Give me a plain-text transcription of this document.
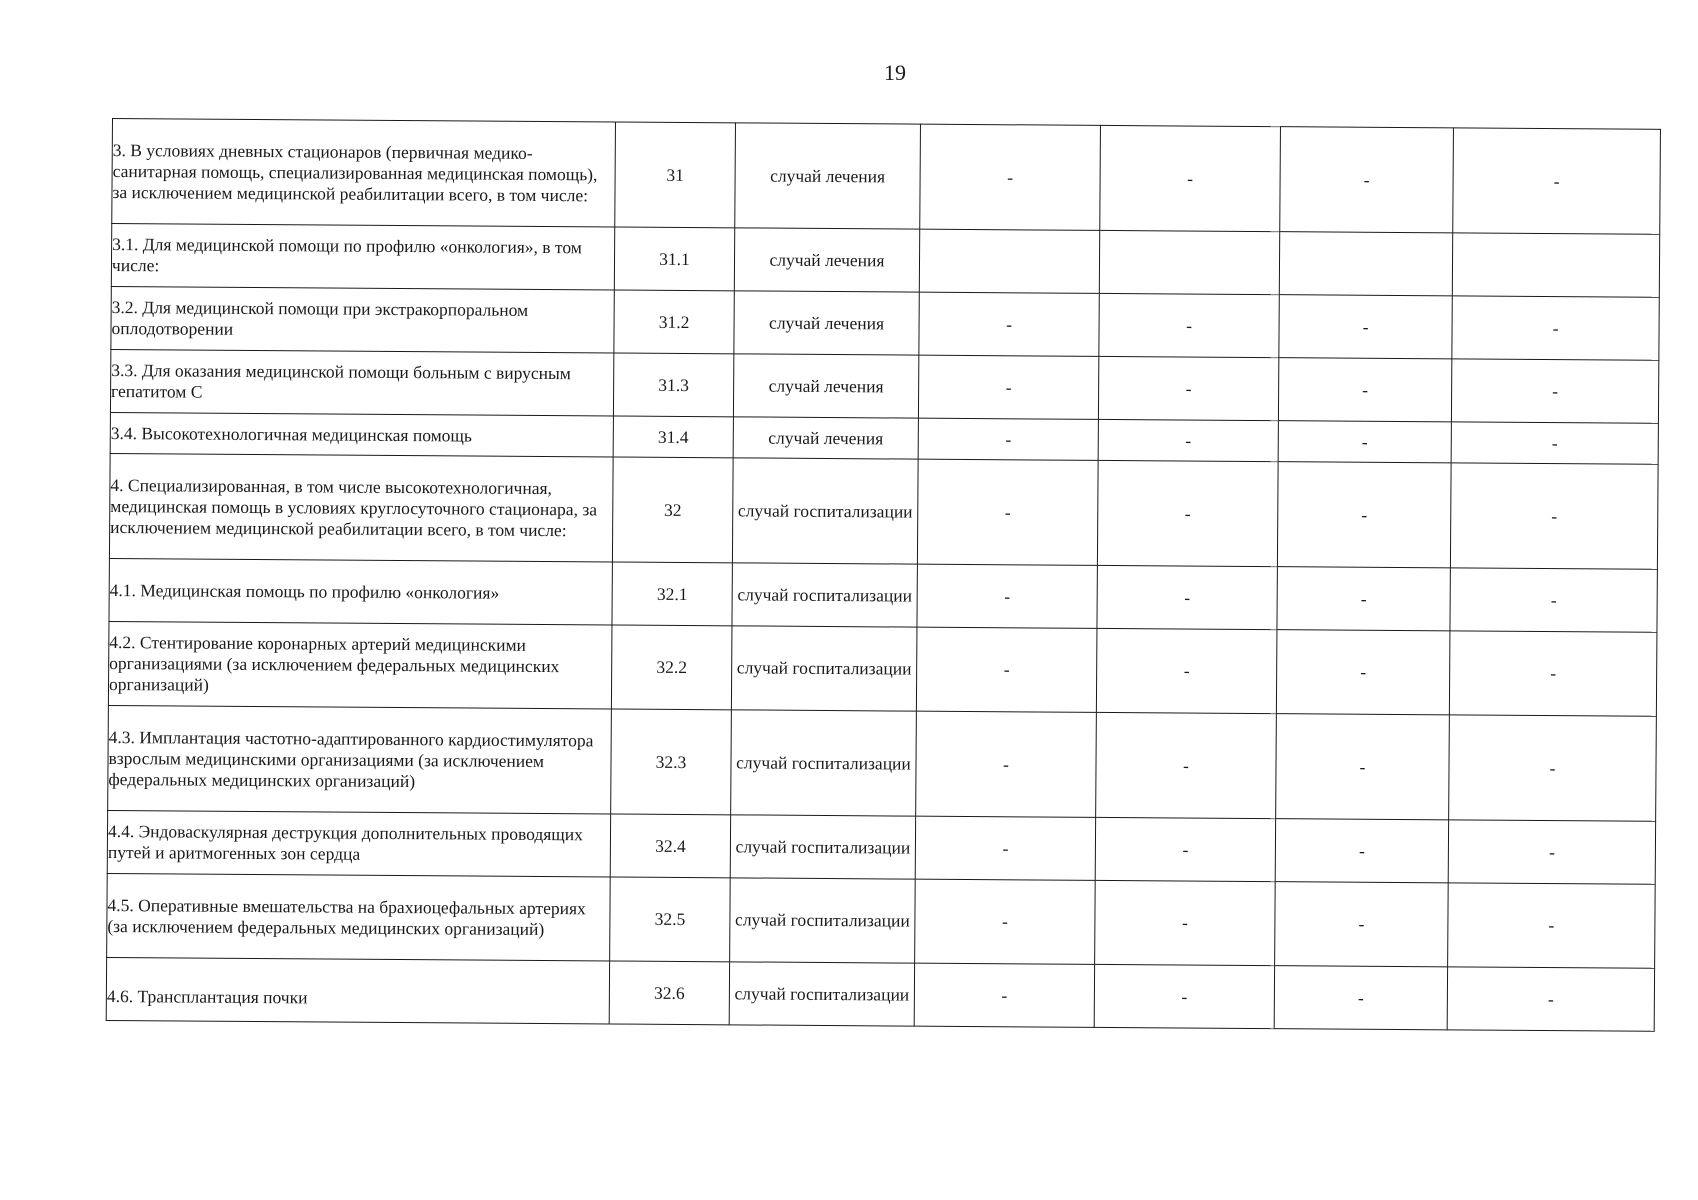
19
3. В условиях дневных стационаров (первичная медико-санитарная помощь, специализированная медицинская помощь), за исключением медицинской реабилитации всего, в том числе:	31	случай лечения	-	-	-	-
3.1. Для медицинской помощи по профилю «онкология», в том числе:	31.1	случай лечения				
3.2. Для медицинской помощи при экстракорпоральном оплодотворении	31.2	случай лечения	-	-	-	-
3.3. Для оказания медицинской помощи больным с вирусным гепатитом С	31.3	случай лечения	-	-	-	-
3.4. Высокотехнологичная медицинская помощь	31.4	случай лечения	-	-	-	-
4. Специализированная, в том числе высокотехнологичная, медицинская помощь в условиях круглосуточного стационара, за исключением медицинской реабилитации всего, в том числе:	32	случай госпитализации	-	-	-	-
4.1. Медицинская помощь по профилю «онкология»	32.1	случай госпитализации	-	-	-	-
4.2. Стентирование коронарных артерий медицинскими организациями (за исключением федеральных медицинских организаций)	32.2	случай госпитализации	-	-	-	-
4.3. Имплантация частотно-адаптированного кардиостимулятора взрослым медицинскими организациями (за исключением федеральных медицинских организаций)	32.3	случай госпитализации	-	-	-	-
4.4. Эндоваскулярная деструкция дополнительных проводящих путей и аритмогенных зон сердца	32.4	случай госпитализации	-	-	-	-
4.5. Оперативные вмешательства на брахиоцефальных артериях (за исключением федеральных медицинских организаций)	32.5	случай госпитализации	-	-	-	-
4.6. Трансплантация почки	32.6	случай госпитализации	-	-	-	-
